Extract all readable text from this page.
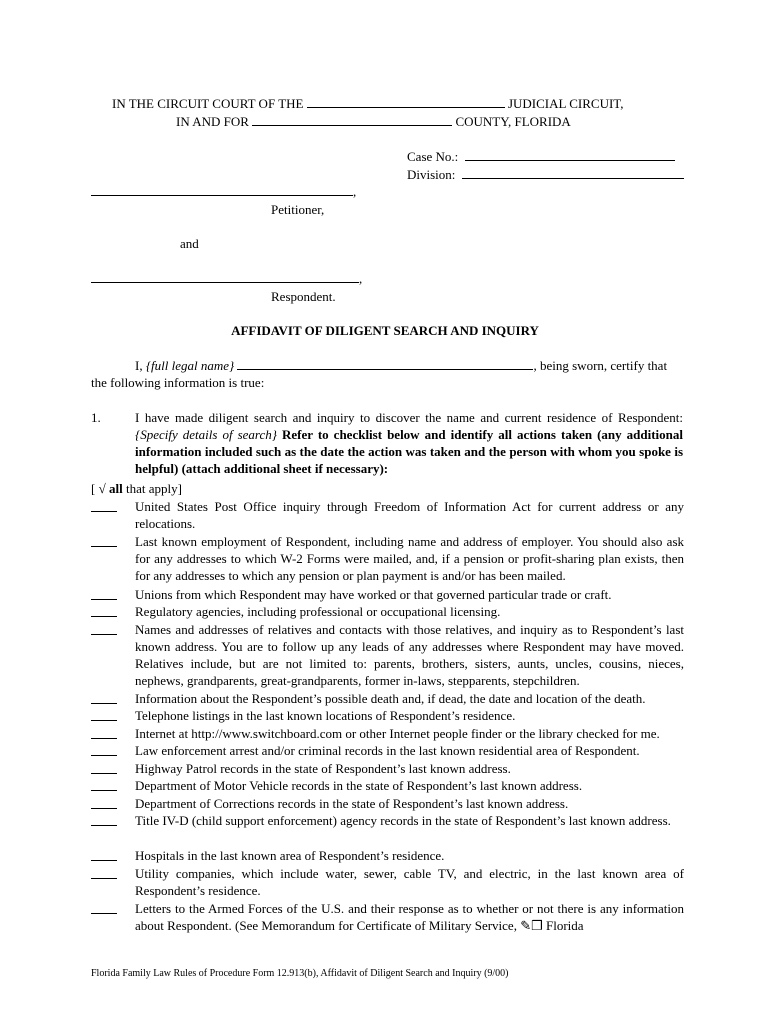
IN THE CIRCUIT COURT OF THE	JUDICIAL CIRCUIT,
IN AND FOR	COUNTY, FLORIDA
Case No.:
Division:
,
Petitioner,
and
,
Respondent.
AFFIDAVIT OF DILIGENT SEARCH AND INQUIRY
I, {full legal name}	, being sworn, certify that
the following information is true:
1.	I have made diligent search and inquiry to discover the name and current residence of Respondent: {Specify details of search} Refer to checklist below and identify all actions taken (any additional information included such as the date the action was taken and the person with whom you spoke is helpful) (attach additional sheet if necessary):
[ √ all that apply]
United States Post Office inquiry through Freedom of Information Act for current address or any relocations.
Last known employment of Respondent, including name and address of employer. You should also ask for any addresses to which W-2 Forms were mailed, and, if a pension or profit-sharing plan exists, then for any addresses to which any pension or plan payment is and/or has been mailed.
Unions from which Respondent may have worked or that governed particular trade or craft.
Regulatory agencies, including professional or occupational licensing.
Names and addresses of relatives and contacts with those relatives, and inquiry as to Respondent’s last known address. You are to follow up any leads of any addresses where Respondent may have moved. Relatives include, but are not limited to: parents, brothers, sisters, aunts, uncles, cousins, nieces, nephews, grandparents, great-grandparents, former in-laws, stepparents, stepchildren.
Information about the Respondent’s possible death and, if dead, the date and location of the death.
Telephone listings in the last known locations of Respondent’s residence.
Internet at http://www.switchboard.com or other Internet people finder or the library checked for me.
Law enforcement arrest and/or criminal records in the last known residential area of Respondent.
Highway Patrol records in the state of Respondent’s last known address.
Department of Motor Vehicle records in the state of Respondent’s last known address.
Department of Corrections records in the state of Respondent’s last known address.
Title IV-D (child support enforcement) agency records in the state of Respondent’s last known address.
Hospitals in the last known area of Respondent’s residence.
Utility companies, which include water, sewer, cable TV, and electric, in the last known area of Respondent’s residence.
Letters to the Armed Forces of the U.S. and their response as to whether or not there is any information about Respondent. (See Memorandum for Certificate of Military Service, ✎❒ Florida
Florida Family Law Rules of Procedure Form 12.913(b), Affidavit of Diligent Search and Inquiry (9/00)
